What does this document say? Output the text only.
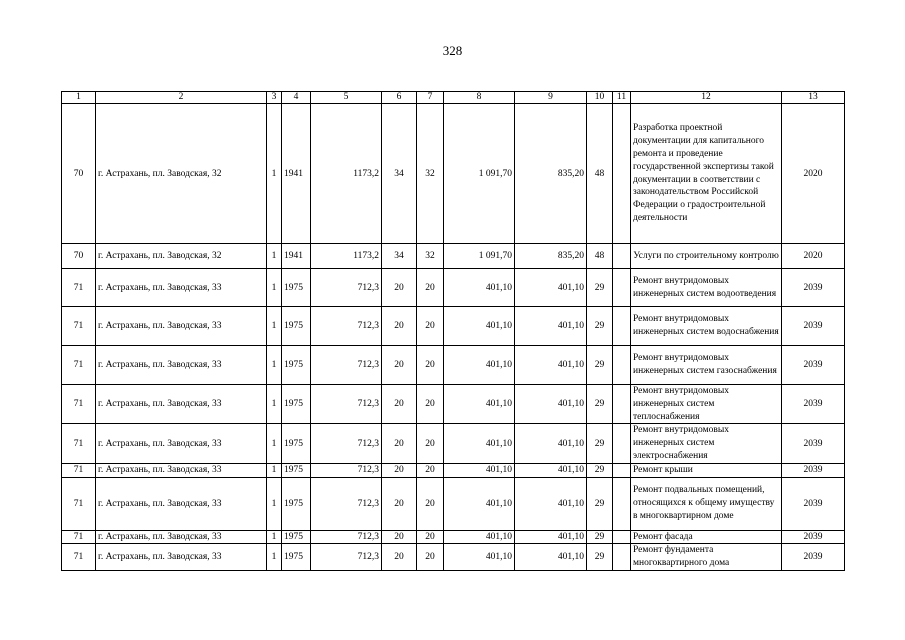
328
1	2	3	4	5	6	7	8	9	10	11	12	13
70	г. Астрахань, пл. Заводская, 32	1	1941	1173,2	34	32	1 091,70	835,20	48		Разработка проектной документации для капитального ремонта и проведение государственной экспертизы такой документации в соответствии с законодательством Российской Федерации о градостроительной деятельности	2020
70	г. Астрахань, пл. Заводская, 32	1	1941	1173,2	34	32	1 091,70	835,20	48		Услуги по строительному контролю	2020
71	г. Астрахань, пл. Заводская, 33	1	1975	712,3	20	20	401,10	401,10	29		Ремонт внутридомовых инженерных систем водоотведения	2039
71	г. Астрахань, пл. Заводская, 33	1	1975	712,3	20	20	401,10	401,10	29		Ремонт внутридомовых инженерных систем водоснабжения	2039
71	г. Астрахань, пл. Заводская, 33	1	1975	712,3	20	20	401,10	401,10	29		Ремонт внутридомовых инженерных систем газоснабжения	2039
71	г. Астрахань, пл. Заводская, 33	1	1975	712,3	20	20	401,10	401,10	29		Ремонт внутридомовых инженерных систем теплоснабжения	2039
71	г. Астрахань, пл. Заводская, 33	1	1975	712,3	20	20	401,10	401,10	29		Ремонт внутридомовых инженерных систем электроснабжения	2039
71	г. Астрахань, пл. Заводская, 33	1	1975	712,3	20	20	401,10	401,10	29		Ремонт крыши	2039
71	г. Астрахань, пл. Заводская, 33	1	1975	712,3	20	20	401,10	401,10	29		Ремонт подвальных помещений, относящихся к общему имуществу в многоквартирном доме	2039
71	г. Астрахань, пл. Заводская, 33	1	1975	712,3	20	20	401,10	401,10	29		Ремонт фасада	2039
71	г. Астрахань, пл. Заводская, 33	1	1975	712,3	20	20	401,10	401,10	29		Ремонт фундамента многоквартирного дома	2039
